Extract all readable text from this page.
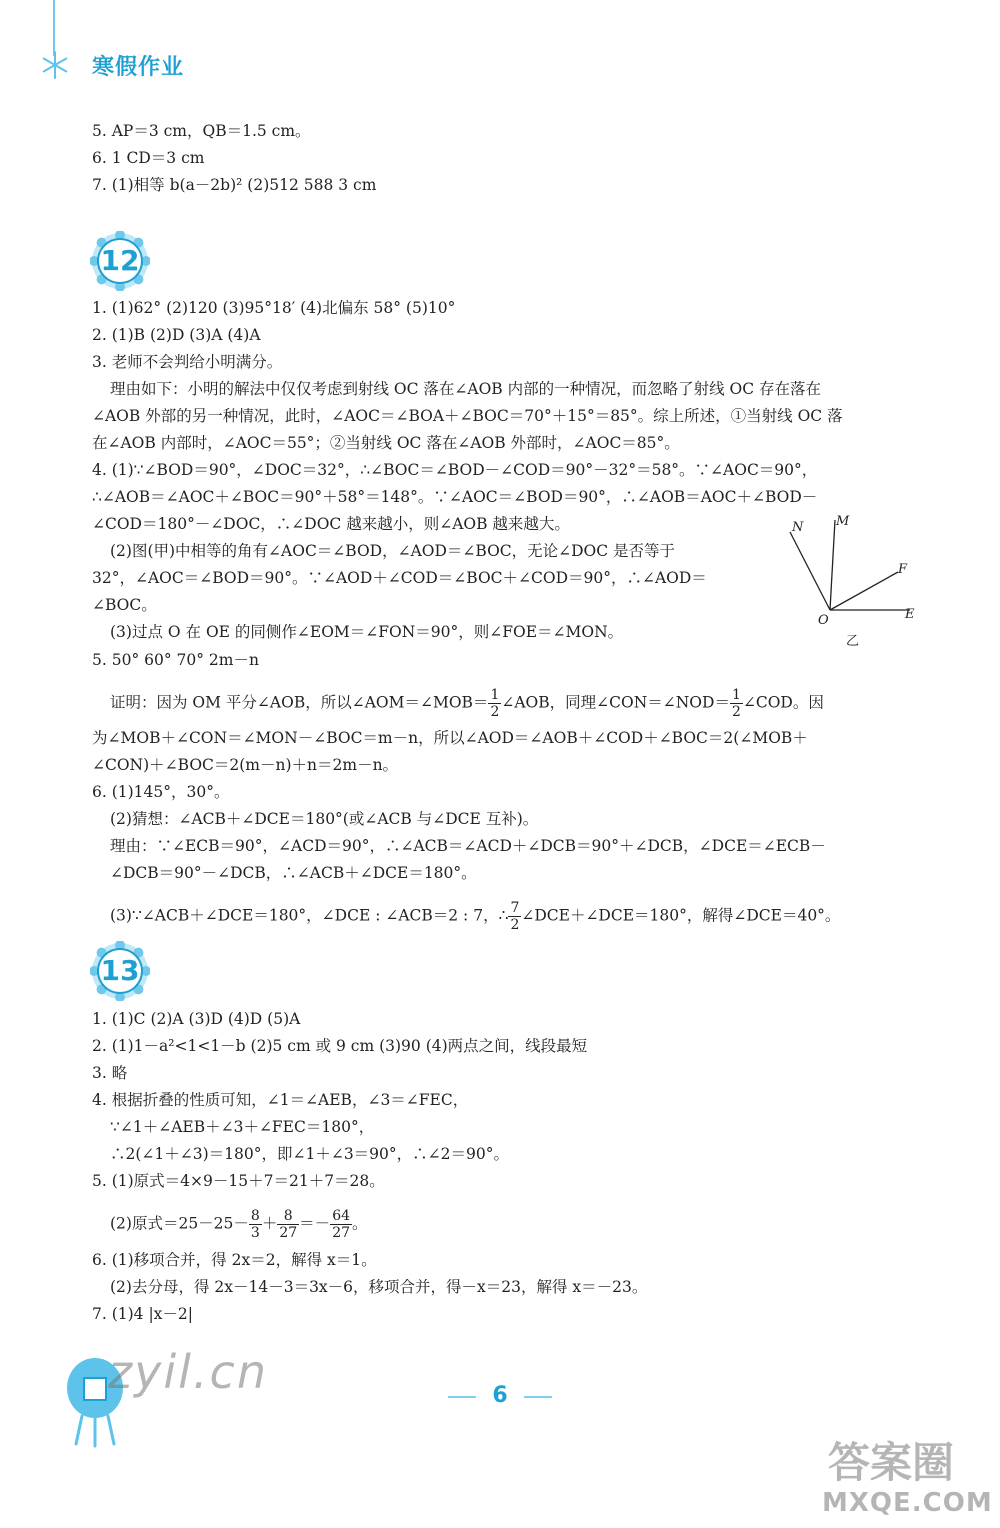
寒假作业
5. AP＝3 cm，QB＝1.5 cm。
6. 1 CD＝3 cm
7. (1)相等 b(a－2b)² (2)512 588 3 cm
12
1. (1)62° (2)120 (3)95°18′ (4)北偏东 58° (5)10°
2. (1)B (2)D (3)A (4)A
3. 老师不会判给小明满分。
理由如下：小明的解法中仅仅考虑到射线 OC 落在∠AOB 内部的一种情况，而忽略了射线 OC 存在落在
∠AOB 外部的另一种情况，此时，∠AOC＝∠BOA＋∠BOC＝70°＋15°＝85°。综上所述，①当射线 OC 落
在∠AOB 内部时，∠AOC＝55°；②当射线 OC 落在∠AOB 外部时，∠AOC＝85°。
4. (1)∵∠BOD＝90°，∠DOC＝32°，∴∠BOC＝∠BOD－∠COD＝90°－32°＝58°。∵∠AOC＝90°，
∴∠AOB＝∠AOC＋∠BOC＝90°＋58°＝148°。∵∠AOC＝∠BOD＝90°，∴∠AOB＝AOC＋∠BOD－
∠COD＝180°－∠DOC，∴∠DOC 越来越小，则∠AOB 越来越大。
(2)图(甲)中相等的角有∠AOC＝∠BOD，∠AOD＝∠BOC，无论∠DOC 是否等于
32°，∠AOC＝∠BOD＝90°。∵∠AOD＋∠COD＝∠BOC＋∠COD＝90°，∴∠AOD＝
∠BOC。
(3)过点 O 在 OE 的同侧作∠EOM＝∠FON＝90°，则∠FOE＝∠MON。
N	M
F
E
O
乙
5. 50° 60° 70° 2m－n
证明：因为 OM 平分∠AOB，所以∠AOM＝∠MOB＝ $\frac{1}{2}$ ∠AOB，同理∠CON＝∠NOD＝ $\frac{1}{2}$ ∠COD。因
为∠MOB＋∠CON＝∠MON－∠BOC＝m－n，所以∠AOD＝∠AOB＋∠COD＋∠BOC＝2(∠MOB＋
∠CON)＋∠BOC＝2(m－n)＋n＝2m－n。
6. (1)145°，30°。
(2)猜想：∠ACB＋∠DCE＝180°(或∠ACB 与∠DCE 互补)。
理由：∵∠ECB＝90°，∠ACD＝90°，∴∠ACB＝∠ACD＋∠DCB＝90°＋∠DCB，∠DCE＝∠ECB－
∠DCB＝90°－∠DCB，∴∠ACB＋∠DCE＝180°。
(3)∵∠ACB＋∠DCE＝180°，∠DCE : ∠ACB＝2 : 7，∴ $\frac{7}{2}$ ∠DCE＋∠DCE＝180°，解得∠DCE＝40°。
13
1. (1)C (2)A (3)D (4)D (5)A
2. (1)1－a²<1<1－b (2)5 cm 或 9 cm (3)90 (4)两点之间，线段最短
3. 略
4. 根据折叠的性质可知，∠1＝∠AEB，∠3＝∠FEC，
∵∠1＋∠AEB＋∠3＋∠FEC＝180°，
∴2(∠1＋∠3)＝180°，即∠1＋∠3＝90°，∴∠2＝90°。
5. (1)原式＝4×9－15＋7＝21＋7＝28。
(2)原式$=25-25- \frac{8}{3} + \frac{8}{27} =- \frac{64}{27}$ 。
6. (1)移项合并，得 2x＝2，解得 x＝1。
(2)去分母，得 2x－14－3＝3x－6，移项合并，得－x＝23，解得 x＝－23。
7. (1)4 |x－2|
zyil.cn
答案圈
MXQE.COM
6
